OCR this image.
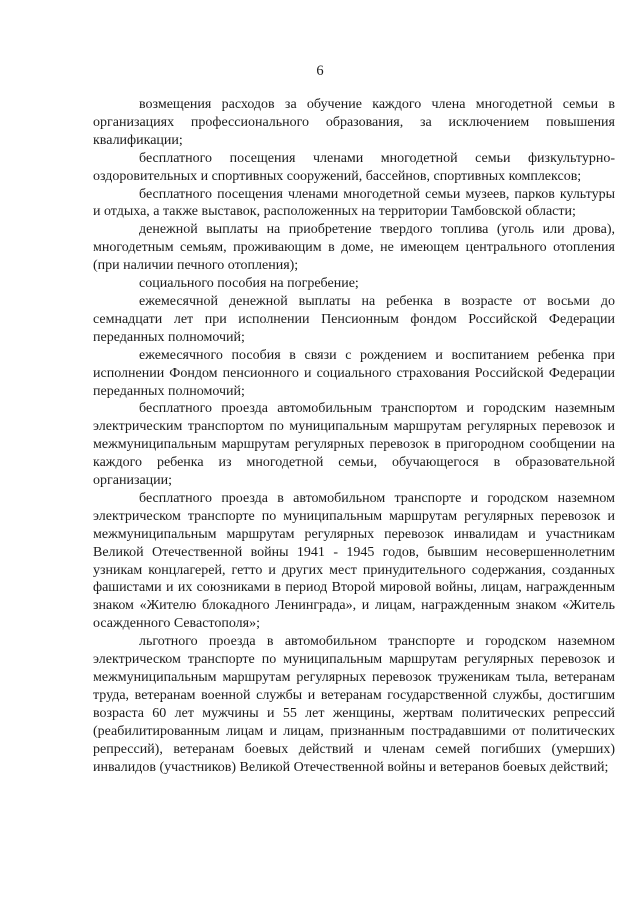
6

возмещения расходов за обучение каждого члена многодетной семьи в организациях профессионального образования, за исключением повышения квалификации;

бесплатного посещения членами многодетной семьи физкультурно-оздоровительных и спортивных сооружений, бассейнов, спортивных комплексов;

бесплатного посещения членами многодетной семьи музеев, парков культуры и отдыха, а также выставок, расположенных на территории Тамбовской области;

денежной выплаты на приобретение твердого топлива (уголь или дрова), многодетным семьям, проживающим в доме, не имеющем центрального отопления (при наличии печного отопления);

социального пособия на погребение;

ежемесячной денежной выплаты на ребенка в возрасте от восьми до семнадцати лет при исполнении Пенсионным фондом Российской Федерации переданных полномочий;

ежемесячного пособия в связи с рождением и воспитанием ребенка при исполнении Фондом пенсионного и социального страхования Российской Федерации переданных полномочий;

бесплатного проезда автомобильным транспортом и городским наземным электрическим транспортом по муниципальным маршрутам регулярных перевозок и межмуниципальным маршрутам регулярных перевозок в пригородном сообщении на каждого ребенка из многодетной семьи, обучающегося в образовательной организации;

бесплатного проезда в автомобильном транспорте и городском наземном электрическом транспорте по муниципальным маршрутам регулярных перевозок и межмуниципальным маршрутам регулярных перевозок инвалидам и участникам Великой Отечественной войны 1941 - 1945 годов, бывшим несовершеннолетним узникам концлагерей, гетто и других мест принудительного содержания, созданных фашистами и их союзниками в период Второй мировой войны, лицам, награжденным знаком «Жителю блокадного Ленинграда», и лицам, награжденным знаком «Житель осажденного Севастополя»;

льготного проезда в автомобильном транспорте и городском наземном электрическом транспорте по муниципальным маршрутам регулярных перевозок и межмуниципальным маршрутам регулярных перевозок труженикам тыла, ветеранам труда, ветеранам военной службы и ветеранам государственной службы, достигшим возраста 60 лет мужчины и 55 лет женщины, жертвам политических репрессий (реабилитированным лицам и лицам, признанным пострадавшими от политических репрессий), ветеранам боевых действий и членам семей погибших (умерших) инвалидов (участников) Великой Отечественной войны и ветеранов боевых действий;
